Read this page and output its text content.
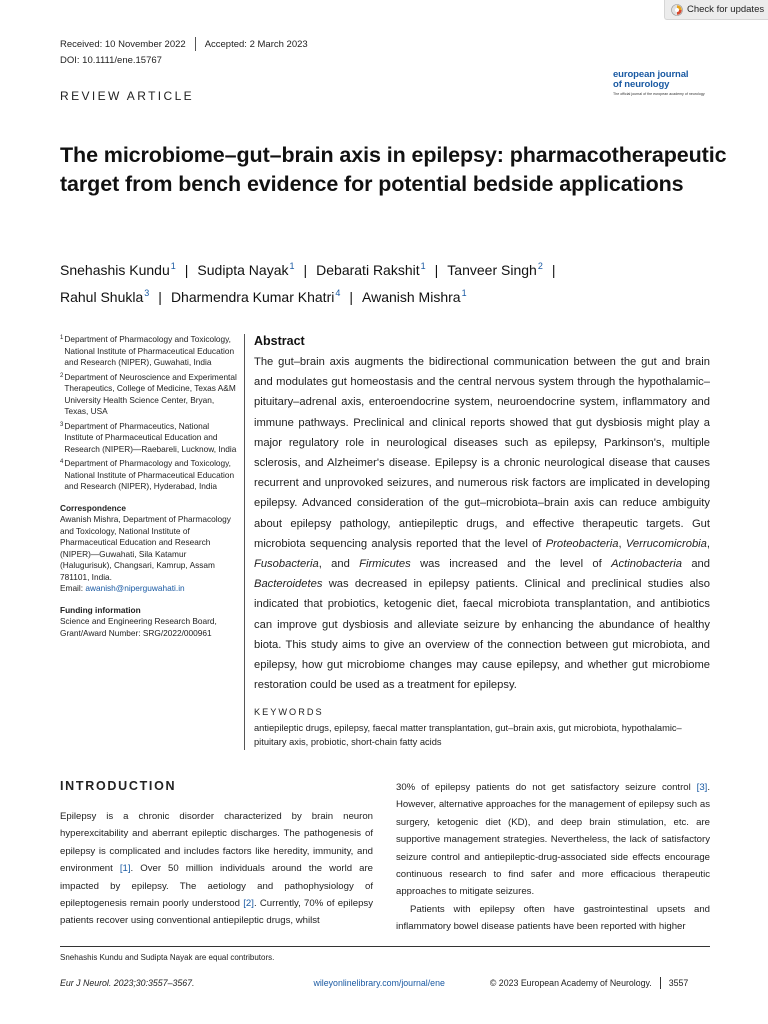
Check for updates
Received: 10 November 2022 Accepted: 2 March 2023
DOI: 10.1111/ene.15767
european journal
of neurology
The official journal of the european academy of neurology
REVIEW ARTICLE
The microbiome–gut–brain axis in epilepsy: pharmacotherapeutic target from bench evidence for potential bedside applications
Snehashis Kundu$^1$ | Sudipta Nayak$^1$ | Debarati Rakshit$^1$ | Tanveer Singh$^2$ |
Rahul Shukla$^3$ | Dharmendra Kumar Khatri$^4$ | Awanish Mishra$^1$
1 Department of Pharmacology and Toxicology, National Institute of Pharmaceutical Education and Research (NIPER), Guwahati, India
2 Department of Neuroscience and Experimental Therapeutics, College of Medicine, Texas A&M University Health Science Center, Bryan, Texas, USA
3 Department of Pharmaceutics, National Institute of Pharmaceutical Education and Research (NIPER)—Raebareli, Lucknow, India
4 Department of Pharmacology and Toxicology, National Institute of Pharmaceutical Education and Research (NIPER), Hyderabad, India
Correspondence
Awanish Mishra, Department of Pharmacology and Toxicology, National Institute of Pharmaceutical Education and Research (NIPER)—Guwahati, Sila Katamur (Halugurisuk), Changsari, Kamrup, Assam 781101, India.
Email: awanish@niperguwahati.in
Funding information
Science and Engineering Research Board, Grant/Award Number: SRG/2022/000961
Abstract

The gut–brain axis augments the bidirectional communication between the gut and brain and modulates gut homeostasis and the central nervous system through the hypothalamic–pituitary–adrenal axis, enteroendocrine system, neuroendocrine system, inflammatory and immune pathways. Preclinical and clinical reports showed that gut dysbiosis might play a major regulatory role in neurological diseases such as epilepsy, Parkinson's, multiple sclerosis, and Alzheimer's disease. Epilepsy is a chronic neurological disease that causes recurrent and unprovoked seizures, and numerous risk factors are implicated in developing epilepsy. Advanced consideration of the gut–microbiota–brain axis can reduce ambiguity about epilepsy pathology, antiepileptic drugs, and effective therapeutic targets. Gut microbiota sequencing analysis reported that the level of Proteobacteria, Verrucomicrobia, Fusobacteria, and Firmicutes was increased and the level of Actinobacteria and Bacteroidetes was decreased in epilepsy patients. Clinical and preclinical studies also indicated that probiotics, ketogenic diet, faecal microbiota transplantation, and antibiotics can improve gut dysbiosis and alleviate seizure by enhancing the abundance of healthy biota. This study aims to give an overview of the connection between gut microbiota, and epilepsy, how gut microbiome changes may cause epilepsy, and whether gut microbiome restoration could be used as a treatment for epilepsy.

KEYWORDS
antiepileptic drugs, epilepsy, faecal matter transplantation, gut–brain axis, gut microbiota, hypothalamic–pituitary axis, probiotic, short-chain fatty acids
INTRODUCTION

Epilepsy is a chronic disorder characterized by brain neuron hyperexcitability and aberrant epileptic discharges. The pathogenesis of epilepsy is complicated and includes factors like heredity, immunity, and environment [1]. Over 50 million individuals around the world are impacted by epilepsy. The aetiology and pathophysiology of epileptogenesis remain poorly understood [2]. Currently, 70% of epilepsy patients recover using conventional antiepileptic drugs, whilst

30% of epilepsy patients do not get satisfactory seizure control [3]. However, alternative approaches for the management of epilepsy such as surgery, ketogenic diet (KD), and deep brain stimulation, etc. are supportive management strategies. Nevertheless, the lack of satisfactory seizure control and antiepileptic-drug-associated side effects encourage continuous research to find safer and more efficacious therapeutic approaches to mitigate seizures.

Patients with epilepsy often have gastrointestinal upsets and inflammatory bowel disease patients have been reported with higher

Snehashis Kundu and Sudipta Nayak are equal contributors.
Eur J Neurol. 2023;30:3557–3567.	wileyonlinelibrary.com/journal/ene	© 2023 European Academy of Neurology. 3557
